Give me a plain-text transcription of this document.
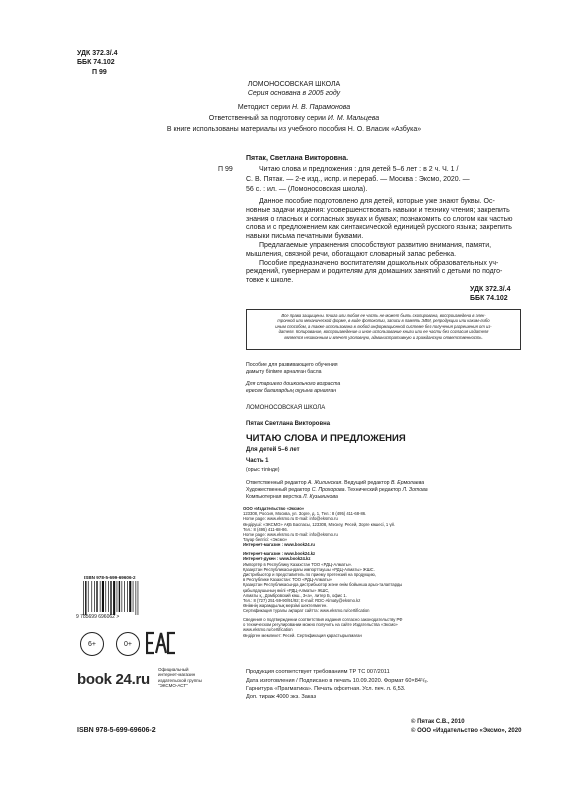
УДК 372.3/.4
ББК 74.102
П 99
ЛОМОНОСОВСКАЯ ШКОЛА
Серия основана в 2005 году
Методист серии Н. В. Парамонова
Ответственный за подготовку серии И. М. Мальцева
В книге использованы материалы из учебного пособия Н. О. Власик «Азбука»
Пятак, Светлана Викторовна.
П 99	Читаю слова и предложения : для детей 5–6 лет : в 2 ч. Ч. 1 /
С. В. Пятак. — 2-е изд., испр. и перераб. — Москва : Эксмо, 2020. —
56 с. : ил. — (Ломоносовская школа).
Данное пособие подготовлено для детей, которые уже знают буквы. Ос-
новные задачи издания: усовершенствовать навыки и технику чтения; закрепить
знания о гласных и согласных звуках и буквах; познакомить со слогом как частью
слова и с предложением как синтаксической единицей русского языка; закрепить
навыки письма печатными буквами.
Предлагаемые упражнения способствуют развитию внимания, памяти,
мышления, связной речи, обогащают словарный запас ребенка.
Пособие предназначено воспитателям дошкольных образовательных уч-
реждений, гувернерам и родителям для домашних занятий с детьми по подго-
товке к школе.
УДК 372.3/.4
ББК 74.102
Все права защищены. Книга или любая ее часть не может быть скопирована, воспроизведена в элек-
тронной или механической форме, в виде фотокопии, записи в память ЭВМ, репродукции или каким-либо
иным способом, а также использована в любой информационной системе без получения разрешения от из-
дателя. Копирование, воспроизведение и иное использование книги или ее части без согласия издателя
является незаконным и влечет уголовную, административную и гражданскую ответственность.
Пособие для развивающего обучения
дамыту білімге арналған басла
Для старшего дошкольного возраста
ересек балалардың оқуына арналған
ЛОМОНОСОВСКАЯ ШКОЛА
Пятак Светлана Викторовна
ЧИТАЮ СЛОВА И ПРЕДЛОЖЕНИЯ
Для детей 5–6 лет
Часть 1
(орыс тілінде)
Ответственный редактор А. Жилинская. Ведущий редактор В. Ермолаева
Художественный редактор С. Прохорова. Технический редактор Л. Зотова
Компьютерная верстка Л. Кузьминова
ООО «Издательство «Эксмо»
123308, Россия, Москва, ул. Зорге, д. 1, Тел.: 8 (495) 411-68-86.
Home page: www.eksmo.ru E-mail: info@eksmo.ru
Өндіруші: «ЭКСМО» АҚБ Баспасы, 123308, Мәскеу, Ресей, Зорге көшесі, 1 үй.
Тел.: 8 (495) 411-68-86.
Home page: www.eksmo.ru E-mail: info@eksmo.ru
Тауар белгісі: «Эксмо»
Интернет-магазин : www.book24.ru
Интернет-магазин : www.book24.kz
Интернет-дүкен : www.book24.kz
Импортёр в Республику Казахстан ТОО «РДЦ-Алматы».
Қазақстан Республикасындағы импорттаушы «РДЦ-Алматы» ЖШС.
Дистрибьютор и представитель по приему претензий на продукцию,
в Республике Казахстан: ТОО «РДЦ-Алматы»
Қазақстан Республикасында дистрибьютор және өнім бойынша арыз-талаптарды
қабылдаушының өкілі «РДЦ-Алматы» ЖШС,
Алматы қ., Домбровский көш., 3«а», литер Б, офис 1.
Тел.: 8 (727) 251-59-90/91/92; E-mail: RDC-Almaty@eksmo.kz
Өнімнің жарамдылық мерзімі шектелмеген.
Сертификация туралы ақпарат сайтта: www.eksmo.ru/certification
Сведения о подтверждении соответствия издания согласно законодательству РФ
о техническом регулировании можно получить на сайте Издательства «Эксмо»
www.eksmo.ru/certification
Өндірген мемлекет: Ресей. Сертификация қарастырылмаған
Продукция соответствует требованиям ТР ТС 007/2011
Дата изготовления / Подписано в печать 10.09.2020. Формат 60×84¹/₈.
Гарнитура «Прагматика». Печать офсетная. Усл. печ. л. 6,53.
Доп. тираж 4000 экз. Заказ
ISBN 978-5-699-69606-2
9 785699 696062 >
6+	0+
book 24.ru
Официальный
интернет-магазин
издательской группы
"ЭКСМО-АСТ"
ISBN 978-5-699-69606-2
© Пятак С.В., 2010
© ООО «Издательство «Эксмо», 2020
